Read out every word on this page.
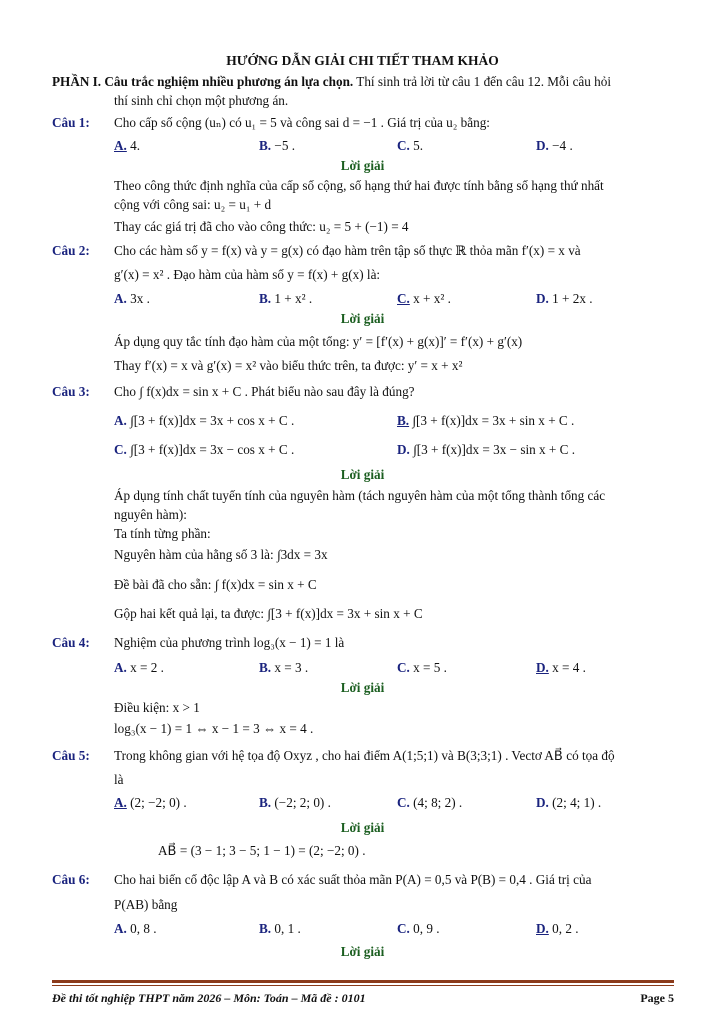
HƯỚNG DẪN GIẢI CHI TIẾT THAM KHẢO
PHẦN I. Câu trắc nghiệm nhiều phương án lựa chọn. Thí sinh trả lời từ câu 1 đến câu 12. Mỗi câu hỏi
thí sinh chỉ chọn một phương án.
Câu 1:	Cho cấp số cộng (uₙ) có u₁ = 5 và công sai d = −1 . Giá trị của u₂ bằng:
A. 4.	B. −5 .	C. 5.	D. −4 .
Lời giải
Theo công thức định nghĩa của cấp số cộng, số hạng thứ hai được tính bằng số hạng thứ nhất
cộng với công sai: u₂ = u₁ + d
Thay các giá trị đã cho vào công thức: u₂ = 5 + (−1) = 4
Câu 2:	Cho các hàm số y = f(x) và y = g(x) có đạo hàm trên tập số thực ℝ thỏa mãn f′(x) = x và
g′(x) = x² . Đạo hàm của hàm số y = f(x) + g(x) là:
A. 3x .	B. 1 + x² .	C. x + x² .	D. 1 + 2x .
Lời giải
Áp dụng quy tắc tính đạo hàm của một tổng: y′ = [f′(x) + g(x)]′ = f′(x) + g′(x)
Thay f′(x) = x và g′(x) = x² vào biểu thức trên, ta được: y′ = x + x²
Câu 3:	Cho ∫ f(x)dx = sin x + C . Phát biểu nào sau đây là đúng?
A. ∫[3 + f(x)]dx = 3x + cos x + C .	B. ∫[3 + f(x)]dx = 3x + sin x + C .
C. ∫[3 + f(x)]dx = 3x − cos x + C .	D. ∫[3 + f(x)]dx = 3x − sin x + C .
Lời giải
Áp dụng tính chất tuyến tính của nguyên hàm (tách nguyên hàm của một tổng thành tổng các
nguyên hàm):
Ta tính từng phần:
Nguyên hàm của hằng số 3 là: ∫3dx = 3x
Đề bài đã cho sẵn: ∫ f(x)dx = sin x + C
Gộp hai kết quả lại, ta được: ∫[3 + f(x)]dx = 3x + sin x + C
Câu 4:	Nghiệm của phương trình log₃(x − 1) = 1 là
A. x = 2 .	B. x = 3 .	C. x = 5 .	D. x = 4 .
Lời giải
Điều kiện: x > 1
log₃(x − 1) = 1 ⇔ x − 1 = 3 ⇔ x = 4 .
Câu 5:	Trong không gian với hệ tọa độ Oxyz , cho hai điểm A(1;5;1) và B(3;3;1) . Vectơ AB⃗ có tọa độ
là
A. (2; −2; 0) .	B. (−2; 2; 0) .	C. (4; 8; 2) .	D. (2; 4; 1) .
Lời giải
AB⃗ = (3 − 1; 3 − 5; 1 − 1) = (2; −2; 0) .
Câu 6:	Cho hai biến cố độc lập A và B có xác suất thỏa mãn P(A) = 0,5 và P(B) = 0,4 . Giá trị của
P(AB) bằng
A. 0, 8 .	B. 0, 1 .	C. 0, 9 .	D. 0, 2 .
Lời giải
Đề thi tốt nghiệp THPT năm 2026 – Môn: Toán – Mã đề : 0101	Page 5
